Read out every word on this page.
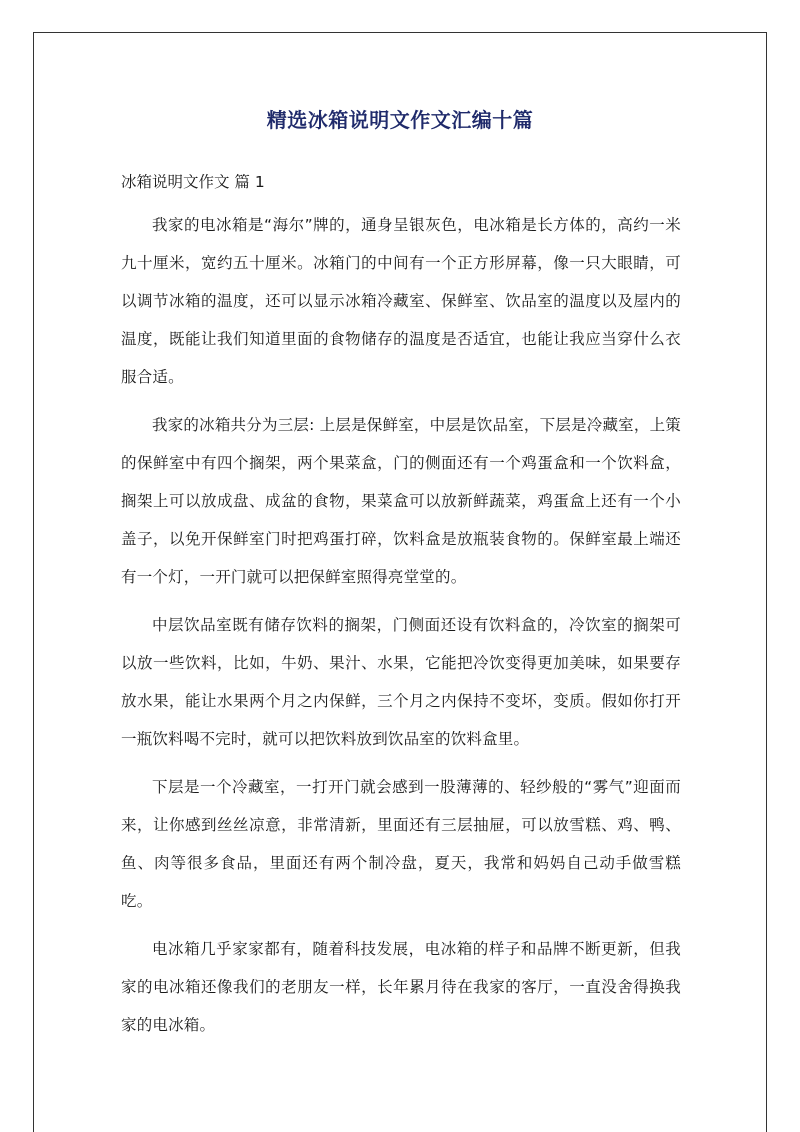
精选冰箱说明文作文汇编十篇
冰箱说明文作文 篇 1

我家的电冰箱是“海尔”牌的，通身呈银灰色，电冰箱是长方体的，高约一米九十厘米，宽约五十厘米。冰箱门的中间有一个正方形屏幕，像一只大眼睛，可以调节冰箱的温度，还可以显示冰箱冷藏室、保鲜室、饮品室的温度以及屋内的温度，既能让我们知道里面的食物储存的温度是否适宜，也能让我应当穿什么衣服合适。

我家的冰箱共分为三层: 上层是保鲜室，中层是饮品室，下层是冷藏室，上策的保鲜室中有四个搁架，两个果菜盒，门的侧面还有一个鸡蛋盒和一个饮料盒，搁架上可以放成盘、成盆的食物，果菜盒可以放新鲜蔬菜，鸡蛋盒上还有一个小盖子，以免开保鲜室门时把鸡蛋打碎，饮料盒是放瓶装食物的。保鲜室最上端还有一个灯，一开门就可以把保鲜室照得亮堂堂的。

中层饮品室既有储存饮料的搁架，门侧面还设有饮料盒的，冷饮室的搁架可以放一些饮料，比如，牛奶、果汁、水果，它能把冷饮变得更加美味，如果要存放水果，能让水果两个月之内保鲜，三个月之内保持不变坏，变质。假如你打开一瓶饮料喝不完时，就可以把饮料放到饮品室的饮料盒里。

下层是一个冷藏室，一打开门就会感到一股薄薄的、轻纱般的“雾气”迎面而来，让你感到丝丝凉意，非常清新，里面还有三层抽屉，可以放雪糕、鸡、鸭、鱼、肉等很多食品，里面还有两个制冷盘，夏天，我常和妈妈自己动手做雪糕吃。

电冰箱几乎家家都有，随着科技发展，电冰箱的样子和品牌不断更新，但我家的电冰箱还像我们的老朋友一样，长年累月待在我家的客厅，一直没舍得换我家的电冰箱。
